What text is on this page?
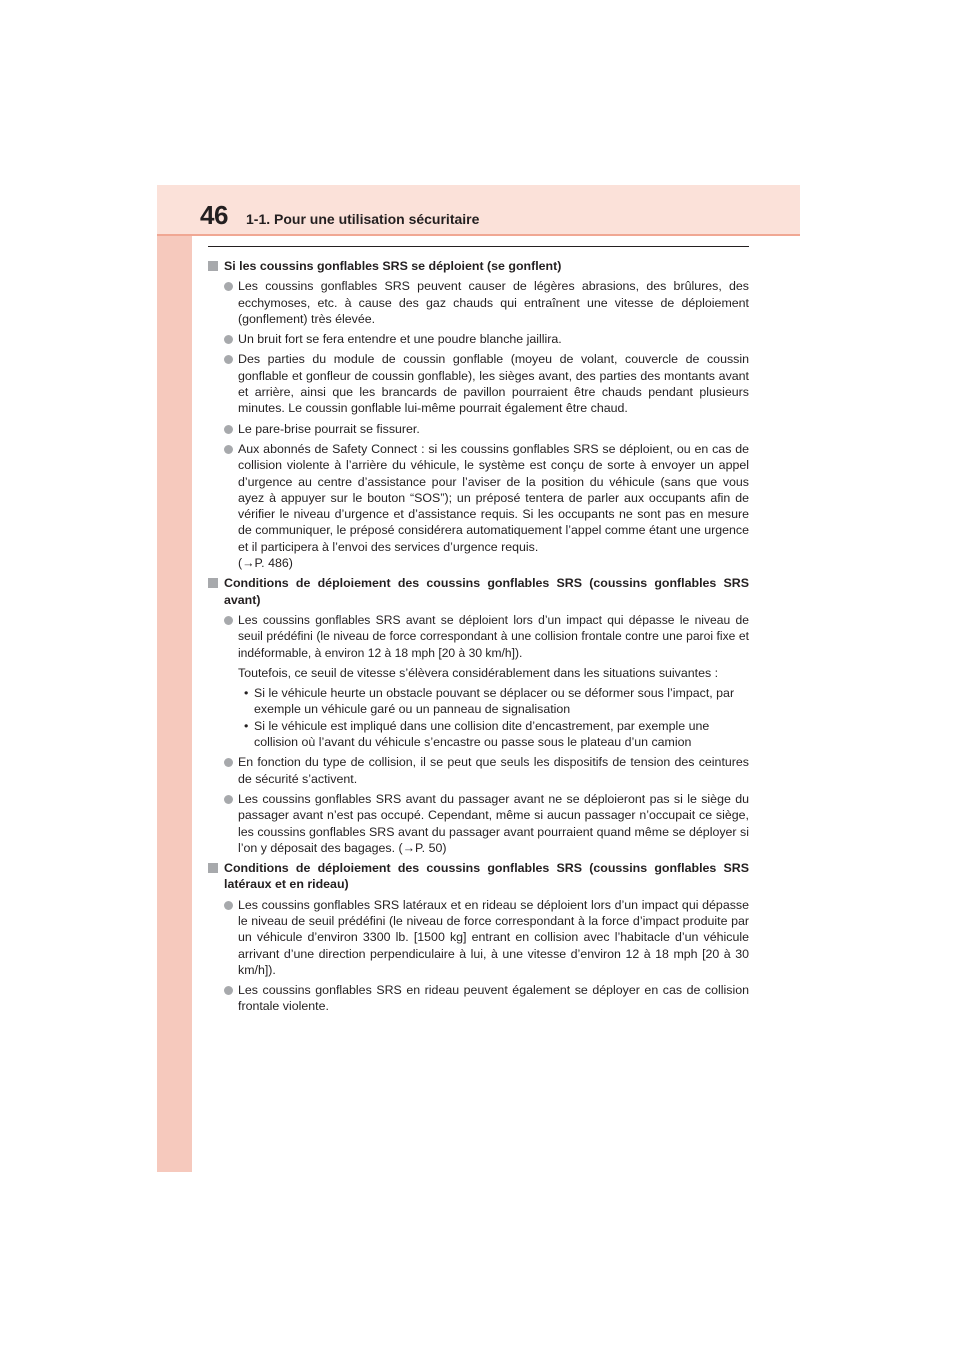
46 1-1. Pour une utilisation sécuritaire
Si les coussins gonflables SRS se déploient (se gonflent)
Les coussins gonflables SRS peuvent causer de légères abrasions, des brûlures, des ecchymoses, etc. à cause des gaz chauds qui entraînent une vitesse de déploiement (gonflement) très élevée.
Un bruit fort se fera entendre et une poudre blanche jaillira.
Des parties du module de coussin gonflable (moyeu de volant, couvercle de coussin gonflable et gonfleur de coussin gonflable), les sièges avant, des parties des montants avant et arrière, ainsi que les brancards de pavillon pourraient être chauds pendant plusieurs minutes. Le coussin gonflable lui-même pourrait également être chaud.
Le pare-brise pourrait se fissurer.
Aux abonnés de Safety Connect : si les coussins gonflables SRS se déploient, ou en cas de collision violente à l’arrière du véhicule, le système est conçu de sorte à envoyer un appel d’urgence au centre d’assistance pour l’aviser de la position du véhicule (sans que vous ayez à appuyer sur le bouton “SOS”); un préposé tentera de parler aux occupants afin de vérifier le niveau d’urgence et d’assistance requis. Si les occupants ne sont pas en mesure de communiquer, le préposé considérera automatiquement l’appel comme étant une urgence et il participera à l’envoi des services d’urgence requis.
(→P. 486)
Conditions de déploiement des coussins gonflables SRS (coussins gonflables SRS avant)
Les coussins gonflables SRS avant se déploient lors d’un impact qui dépasse le niveau de seuil prédéfini (le niveau de force correspondant à une collision frontale contre une paroi fixe et indéformable, à environ 12 à 18 mph [20 à 30 km/h]).
Toutefois, ce seuil de vitesse s’élèvera considérablement dans les situations suivantes :
• Si le véhicule heurte un obstacle pouvant se déplacer ou se déformer sous l’impact, par exemple un véhicule garé ou un panneau de signalisation
• Si le véhicule est impliqué dans une collision dite d’encastrement, par exemple une collision où l’avant du véhicule s’encastre ou passe sous le plateau d’un camion
En fonction du type de collision, il se peut que seuls les dispositifs de tension des ceintures de sécurité s’activent.
Les coussins gonflables SRS avant du passager avant ne se déploieront pas si le siège du passager avant n’est pas occupé. Cependant, même si aucun passager n’occupait ce siège, les coussins gonflables SRS avant du passager avant pourraient quand même se déployer si l’on y déposait des bagages. (→P. 50)
Conditions de déploiement des coussins gonflables SRS (coussins gonflables SRS latéraux et en rideau)
Les coussins gonflables SRS latéraux et en rideau se déploient lors d’un impact qui dépasse le niveau de seuil prédéfini (le niveau de force correspondant à la force d’impact produite par un véhicule d’environ 3300 lb. [1500 kg] entrant en collision avec l’habitacle d’un véhicule arrivant d’une direction perpendiculaire à lui, à une vitesse d’environ 12 à 18 mph [20 à 30 km/h]).
Les coussins gonflables SRS en rideau peuvent également se déployer en cas de collision frontale violente.
